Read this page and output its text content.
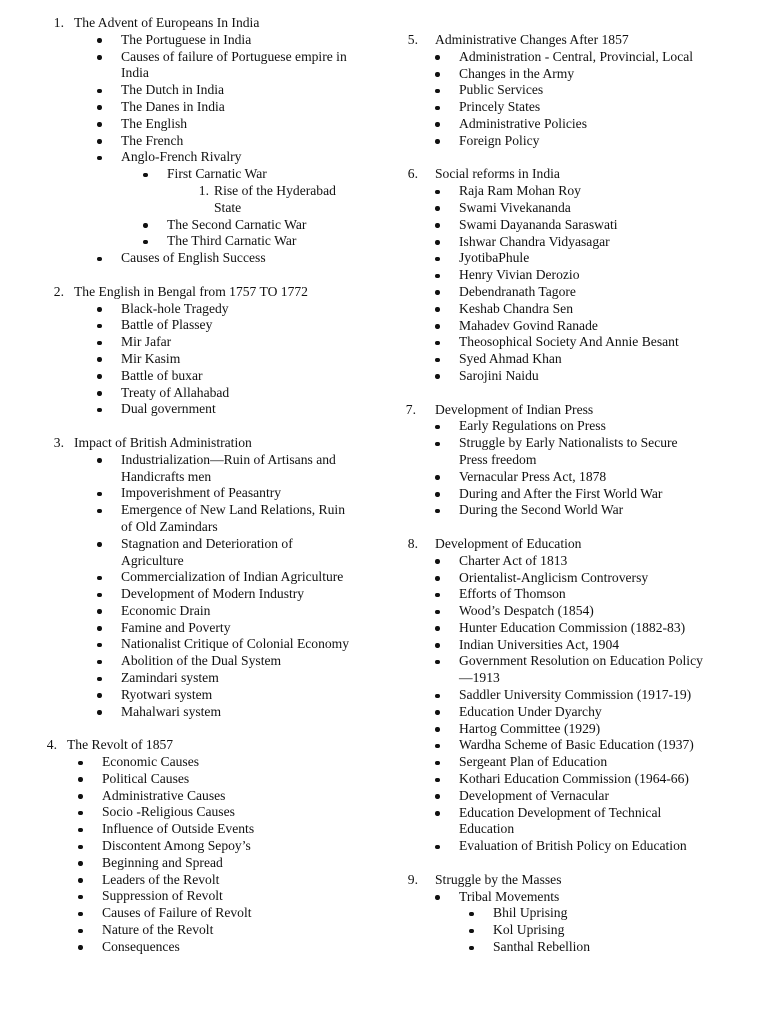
1. The Advent of Europeans In India
The Portuguese in India
Causes of failure of Portuguese empire in
India
The Dutch in India
The Danes in India
The English
The French
Anglo-French Rivalry
First Carnatic War
1. Rise of the Hyderabad
State
The Second Carnatic War
The Third Carnatic War
Causes of English Success
2. The English in Bengal from 1757 TO 1772
Black-hole Tragedy
Battle of Plassey
Mir Jafar
Mir Kasim
Battle of buxar
Treaty of Allahabad
Dual government
3. Impact of British Administration
Industrialization—Ruin of Artisans and
Handicrafts men
Impoverishment of Peasantry
Emergence of New Land Relations, Ruin
of Old Zamindars
Stagnation and Deterioration of
Agriculture
Commercialization of Indian Agriculture
Development of Modern Industry
Economic Drain
Famine and Poverty
Nationalist Critique of Colonial Economy
Abolition of the Dual System
Zamindari system
Ryotwari system
Mahalwari system
4. The Revolt of 1857
Economic Causes
Political Causes
Administrative Causes
Socio -Religious Causes
Influence of Outside Events
Discontent Among Sepoy’s
Beginning and Spread
Leaders of the Revolt
Suppression of Revolt
Causes of Failure of Revolt
Nature of the Revolt
Consequences
5. Administrative Changes After 1857
Administration - Central, Provincial, Local
Changes in the Army
Public Services
Princely States
Administrative Policies
Foreign Policy
6. Social reforms in India
Raja Ram Mohan Roy
Swami Vivekananda
Swami Dayananda Saraswati
Ishwar Chandra Vidyasagar
JyotibaPhule
Henry Vivian Derozio
Debendranath Tagore
Keshab Chandra Sen
Mahadev Govind Ranade
Theosophical Society And Annie Besant
Syed Ahmad Khan
Sarojini Naidu
7. Development of Indian Press
Early Regulations on Press
Struggle by Early Nationalists to Secure
Press freedom
Vernacular Press Act, 1878
During and After the First World War
During the Second World War
8. Development of Education
Charter Act of 1813
Orientalist-Anglicism Controversy
Efforts of Thomson
Wood’s Despatch (1854)
Hunter Education Commission (1882-83)
Indian Universities Act, 1904
Government Resolution on Education Policy
—1913
Saddler University Commission (1917-19)
Education Under Dyarchy
Hartog Committee (1929)
Wardha Scheme of Basic Education (1937)
Sergeant Plan of Education
Kothari Education Commission (1964-66)
Development of Vernacular
Education Development of Technical
Education
Evaluation of British Policy on Education
9. Struggle by the Masses
Tribal Movements
Bhil Uprising
Kol Uprising
Santhal Rebellion
